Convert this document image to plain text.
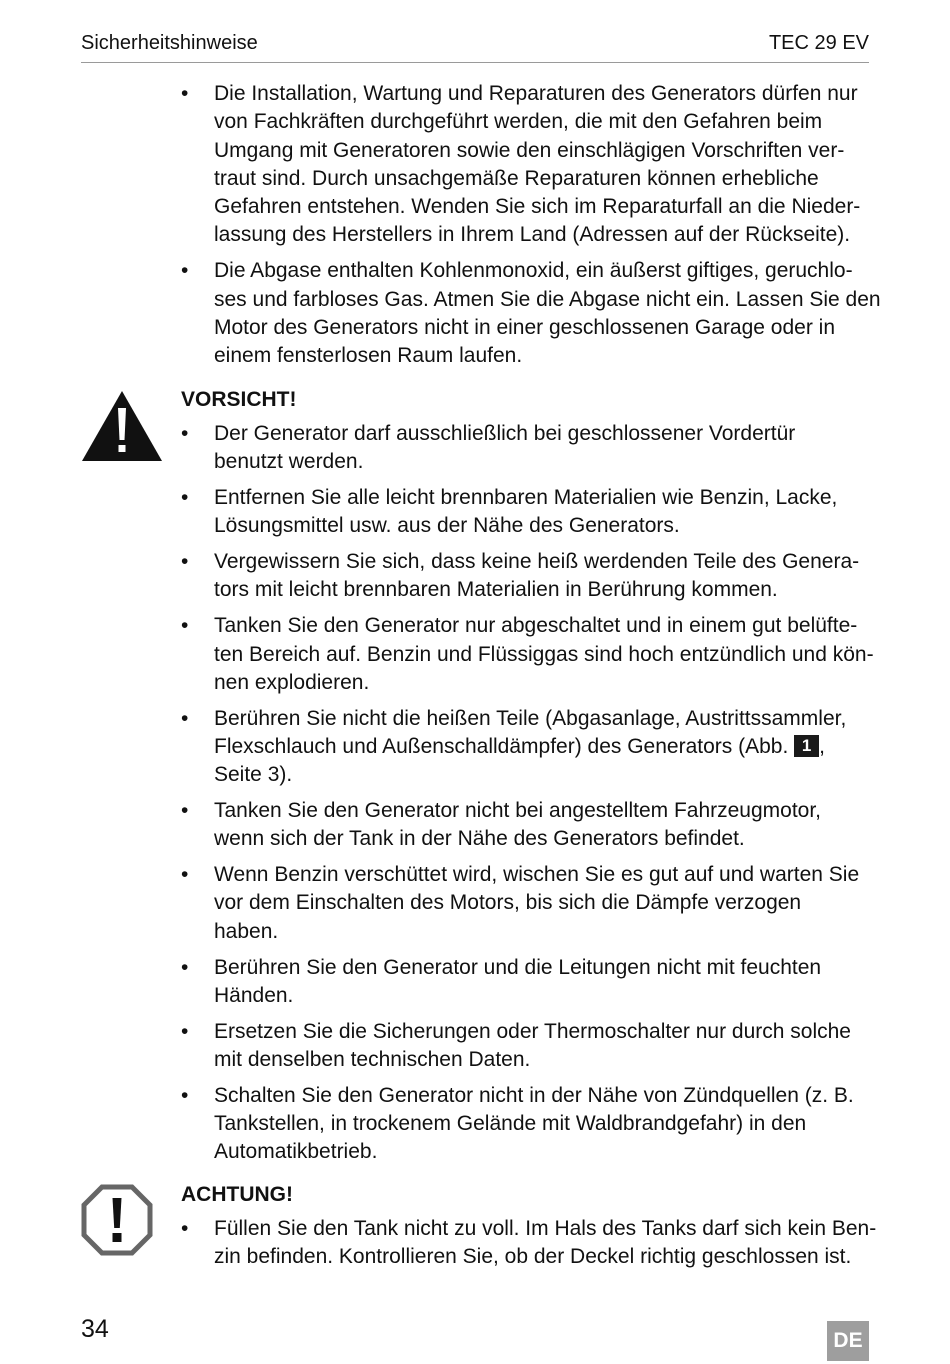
Sicherheitshinweise	TEC 29 EV
• Die Installation, Wartung und Reparaturen des Generators dürfen nur
von Fachkräften durchgeführt werden, die mit den Gefahren beim
Umgang mit Generatoren sowie den einschlägigen Vorschriften ver-
traut sind. Durch unsachgemäße Reparaturen können erhebliche
Gefahren entstehen. Wenden Sie sich im Reparaturfall an die Nieder-
lassung des Herstellers in Ihrem Land (Adressen auf der Rückseite).
• Die Abgase enthalten Kohlenmonoxid, ein äußerst giftiges, geruchlo-
ses und farbloses Gas. Atmen Sie die Abgase nicht ein. Lassen Sie den
Motor des Generators nicht in einer geschlossenen Garage oder in
einem fensterlosen Raum laufen.
VORSICHT!
• Der Generator darf ausschließlich bei geschlossener Vordertür
benutzt werden.
• Entfernen Sie alle leicht brennbaren Materialien wie Benzin, Lacke,
Lösungsmittel usw. aus der Nähe des Generators.
• Vergewissern Sie sich, dass keine heiß werdenden Teile des Genera-
tors mit leicht brennbaren Materialien in Berührung kommen.
• Tanken Sie den Generator nur abgeschaltet und in einem gut belüfte-
ten Bereich auf. Benzin und Flüssiggas sind hoch entzündlich und kön-
nen explodieren.
• Berühren Sie nicht die heißen Teile (Abgasanlage, Austrittssammler,
Flexschlauch und Außenschalldämpfer) des Generators (Abb. 1 ,
Seite 3).
• Tanken Sie den Generator nicht bei angestelltem Fahrzeugmotor,
wenn sich der Tank in der Nähe des Generators befindet.
• Wenn Benzin verschüttet wird, wischen Sie es gut auf und warten Sie
vor dem Einschalten des Motors, bis sich die Dämpfe verzogen
haben.
• Berühren Sie den Generator und die Leitungen nicht mit feuchten
Händen.
• Ersetzen Sie die Sicherungen oder Thermoschalter nur durch solche
mit denselben technischen Daten.
• Schalten Sie den Generator nicht in der Nähe von Zündquellen (z. B.
Tankstellen, in trockenem Gelände mit Waldbrandgefahr) in den
Automatikbetrieb.
ACHTUNG!
• Füllen Sie den Tank nicht zu voll. Im Hals des Tanks darf sich kein Ben-
zin befinden. Kontrollieren Sie, ob der Deckel richtig geschlossen ist.
34	DE
